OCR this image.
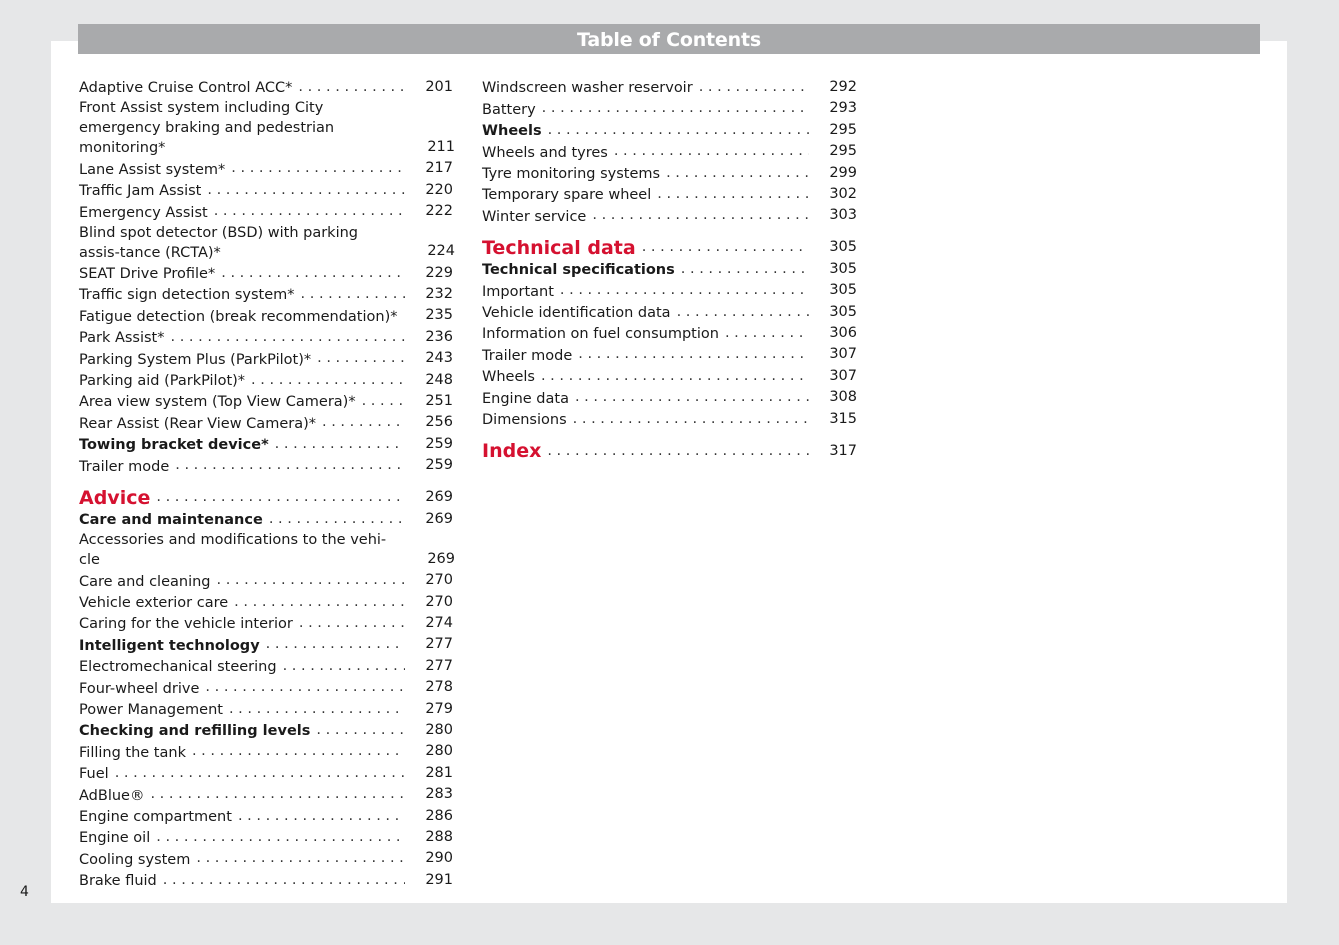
Table of Contents
Adaptive Cruise Control ACC* . . .	201
Front Assist system including City emergency braking and pedestrian monitoring*	211
Lane Assist system* . . .	217
Traffic Jam Assist . . .	220
Emergency Assist . . .	222
Blind spot detector (BSD) with parking assis-tance (RCTA)*	224
SEAT Drive Profile* . . .	229
Traffic sign detection system* . . .	232
Fatigue detection (break recommendation)* . . .	235
Park Assist* . . .	236
Parking System Plus (ParkPilot)* . . .	243
Parking aid (ParkPilot)* . . .	248
Area view system (Top View Camera)* . . .	251
Rear Assist (Rear View Camera)* . . .	256
Towing bracket device* . . .	259
Trailer mode . . .	259
Advice . . .	269
Care and maintenance . . .	269
Accessories and modifications to the vehi-cle	269
Care and cleaning . . .	270
Vehicle exterior care . . .	270
Caring for the vehicle interior . . .	274
Intelligent technology . . .	277
Electromechanical steering . . .	277
Four-wheel drive . . .	278
Power Management . . .	279
Checking and refilling levels . . .	280
Filling the tank . . .	280
Fuel . . .	281
AdBlue® . . .	283
Engine compartment . . .	286
Engine oil . . .	288
Cooling system . . .	290
Brake fluid . . .	291
Windscreen washer reservoir . . .	292
Battery . . .	293
Wheels . . .	295
Wheels and tyres . . .	295
Tyre monitoring systems . . .	299
Temporary spare wheel . . .	302
Winter service . . .	303
Technical data . . .	305
Technical specifications . . .	305
Important . . .	305
Vehicle identification data . . .	305
Information on fuel consumption . . .	306
Trailer mode . . .	307
Wheels . . .	307
Engine data . . .	308
Dimensions . . .	315
Index . . .	317
4
